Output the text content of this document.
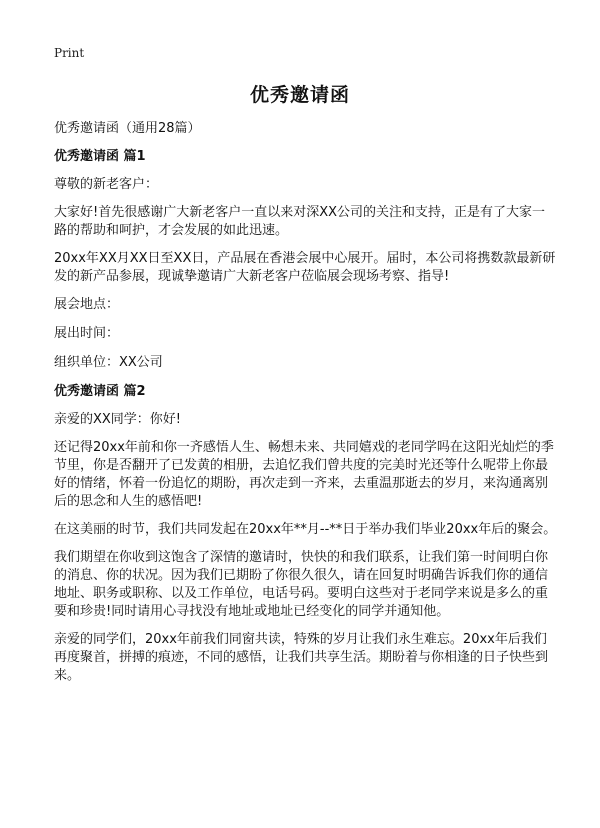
Print
优秀邀请函
优秀邀请函（通用28篇）
优秀邀请函 篇1
尊敬的新老客户：
大家好!首先很感谢广大新老客户一直以来对深XX公司的关注和支持，正是有了大家一路的帮助和呵护，才会发展的如此迅速。
20xx年XX月XX日至XX日，产品展在香港会展中心展开。届时，本公司将携数款最新研发的新产品参展，现诚挚邀请广大新老客户莅临展会现场考察、指导!
展会地点：
展出时间：
组织单位：XX公司
优秀邀请函 篇2
亲爱的XX同学：你好!
还记得20xx年前和你一齐感悟人生、畅想未来、共同嬉戏的老同学吗在这阳光灿烂的季节里，你是否翻开了已发黄的相册，去追忆我们曾共度的完美时光还等什么呢带上你最好的情绪，怀着一份追忆的期盼，再次走到一齐来，去重温那逝去的岁月，来沟通离别后的思念和人生的感悟吧!
在这美丽的时节，我们共同发起在20xx年**月--**日于举办我们毕业20xx年后的聚会。
我们期望在你收到这饱含了深情的邀请时，快快的和我们联系，让我们第一时间明白你的消息、你的状况。因为我们已期盼了你很久很久，请在回复时明确告诉我们你的通信地址、职务或职称、以及工作单位，电话号码。要明白这些对于老同学来说是多么的重要和珍贵!同时请用心寻找没有地址或地址已经变化的同学并通知他。
亲爱的同学们，20xx年前我们同窗共读，特殊的岁月让我们永生难忘。20xx年后我们再度聚首，拼搏的痕迹，不同的感悟，让我们共享生活。期盼着与你相逢的日子快些到来。
